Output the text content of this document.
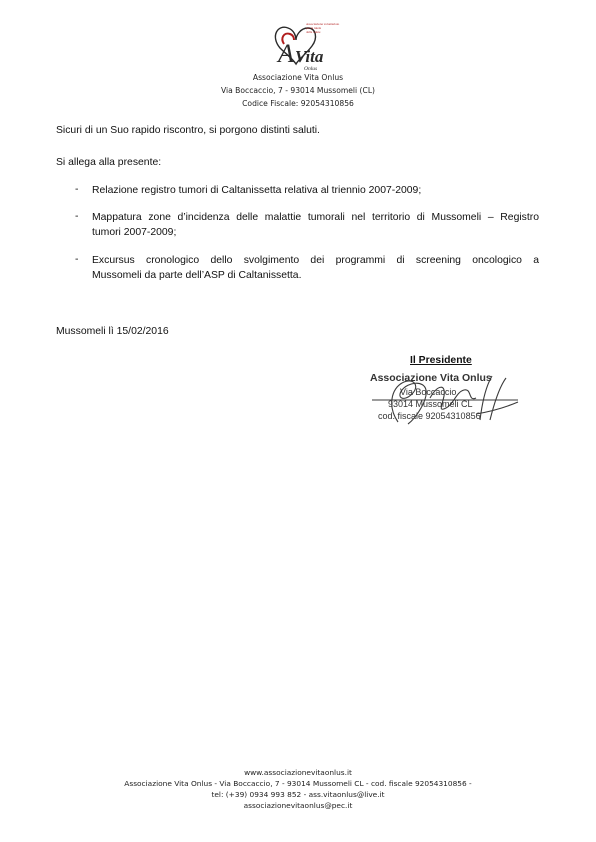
Associazione volontariato
per la tutela
della salute
A Vita
Onlus
Associazione Vita Onlus
Via Boccaccio, 7 - 93014 Mussomeli (CL)
Codice Fiscale: 92054310856
Sicuri di un Suo rapido riscontro, si porgono distinti saluti.
Si allega alla presente:
- Relazione registro tumori di Caltanissetta relativa al triennio 2007-2009;
- Mappatura zone d’incidenza delle malattie tumorali nel territorio di Mussomeli – Registro
tumori 2007-2009;
- Excursus cronologico dello svolgimento dei programmi di screening oncologico a
Mussomeli da parte dell’ASP di Caltanissetta.
Mussomeli lì 15/02/2016
Il Presidente
Associazione Vita Onlus
Via Boccaccio
93014 Mussomeli CL
cod. fiscale 92054310856
www.associazionevitaonlus.it
Associazione Vita Onlus - Via Boccaccio, 7 - 93014 Mussomeli CL - cod. fiscale 92054310856 -
tel: (+39) 0934 993 852 - ass.vitaonlus@live.it
associazionevitaonlus@pec.it
